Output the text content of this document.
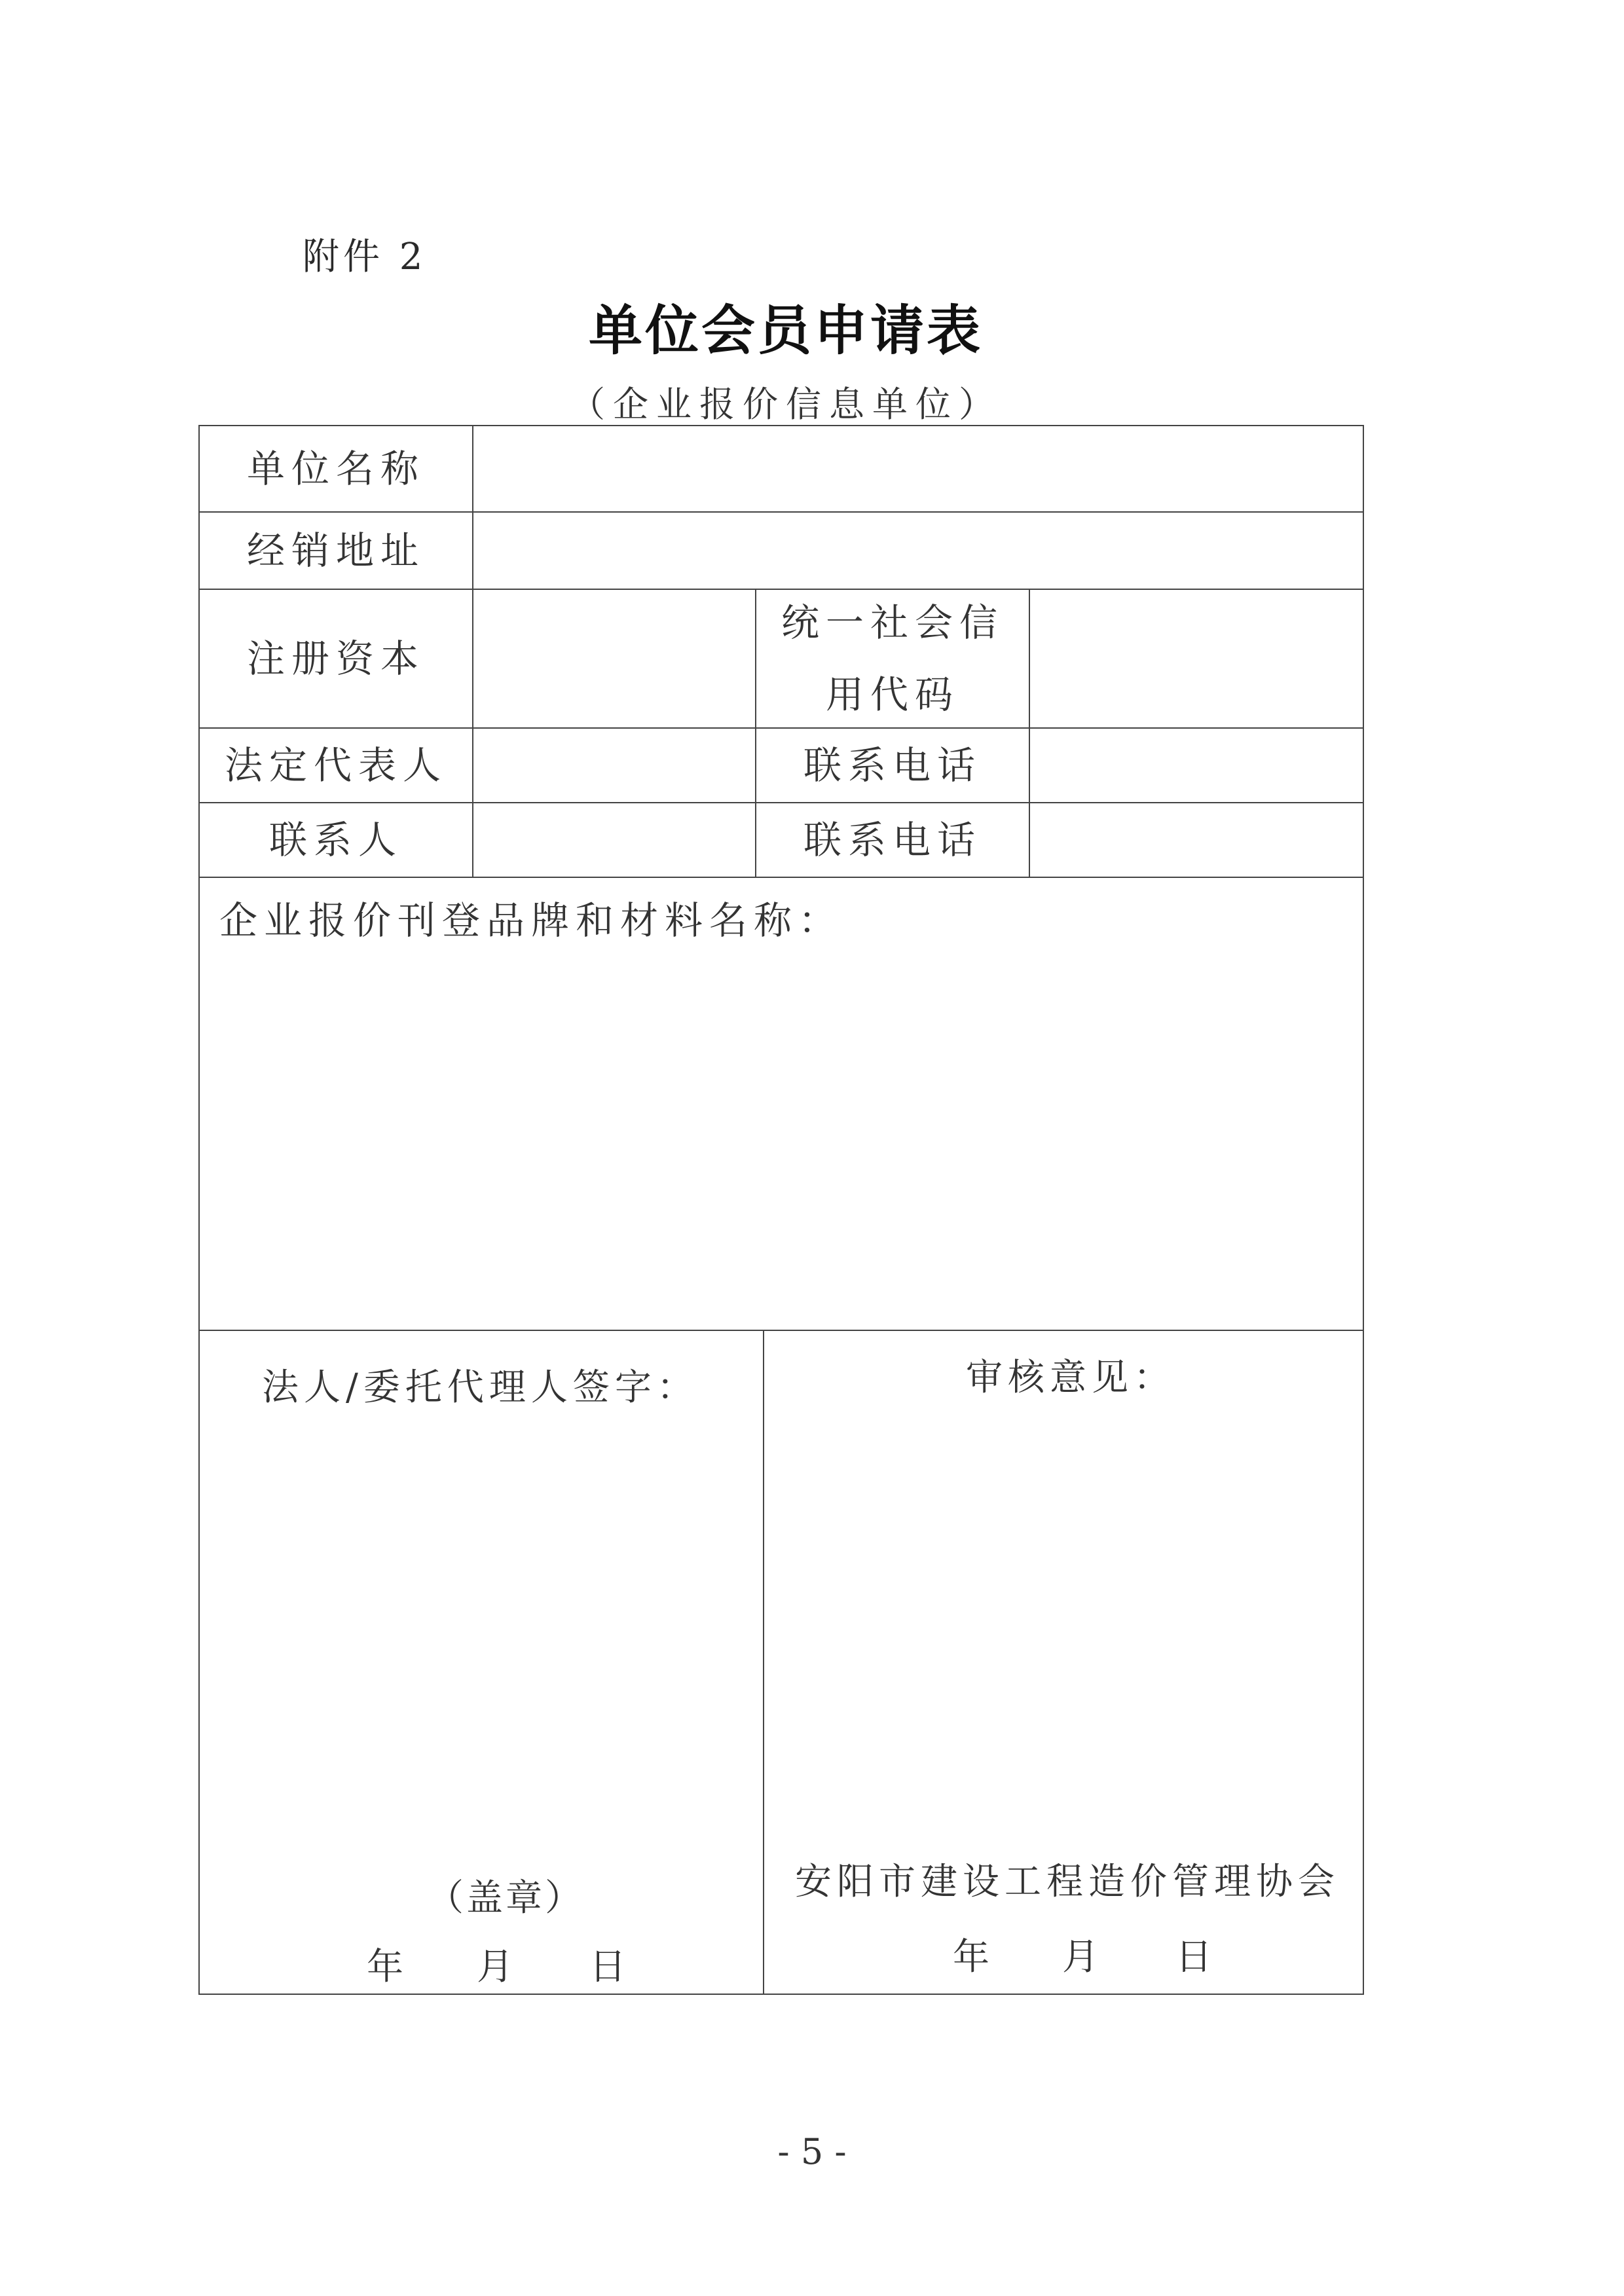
附件 2
单位会员申请表
（企业报价信息单位）
单位名称
经销地址
注册资本
统一社会信
用代码
法定代表人	联系电话
联系人	联系电话
企业报价刊登品牌和材料名称：
法人/委托代理人签字：
（盖章）
年 月 日
审核意见：
安阳市建设工程造价管理协会
年 月 日
- 5 -
